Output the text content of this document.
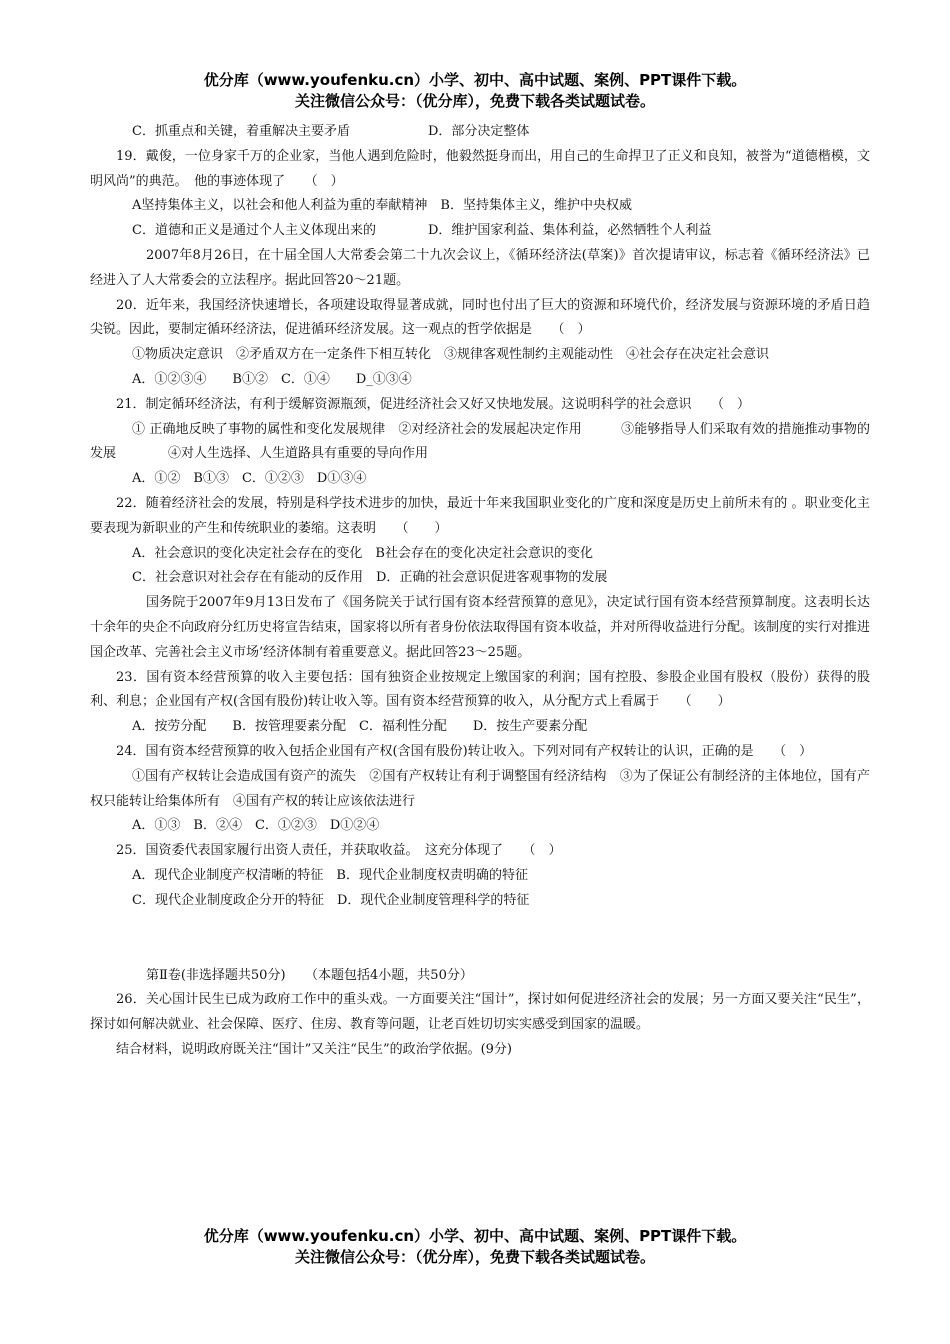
优分库（www.youfenku.cn）小学、初中、高中试题、案例、PPT课件下载。
关注微信公众号：（优分库），免费下载各类试题试卷。
C．抓重点和关键，着重解决主要矛盾　　　　　　D．部分决定整体
19．戴俊，一位身家千万的企业家，当他人遇到危险时，他毅然挺身而出，用自己的生命捍卫了正义和良知，被誉为“道德楷模，文明风尚”的典范。　他的事迹体现了　　（　）
A坚持集体主义，以社会和他人利益为重的奉献精神　B．坚持集体主义，维护中央权威
C．道德和正义是通过个人主义体现出来的　　　　D．维护国家利益、集体利益，必然牺牲个人利益
2007年8月26日，在十届全国人大常委会第二十九次会议上，《循环经济法(草案)》首次提请审议，标志着《循环经济法》已经进入了人大常委会的立法程序。据此回答20～21题。
20．近年来，我国经济快速增长，各项建设取得显著成就，同时也付出了巨大的资源和环境代价，经济发展与资源环境的矛盾日趋尖锐。因此，要制定循环经济法，促进循环经济发展。这一观点的哲学依据是　　（　）
①物质决定意识　②矛盾双方在一定条件下相互转化　③规律客观性制约主观能动性　④社会存在决定社会意识
A．①②③④　　B①②　C．①④　　D_①③④
21．制定循环经济法，有利于缓解资源瓶颈，促进经济社会又好又快地发展。这说明科学的社会意识　　（　）
① 正确地反映了事物的属性和变化发展规律　②对经济社会的发展起决定作用　　　③能够指导人们采取有效的措施推动事物的发展　　　　④对人生选择、人生道路具有重要的导向作用
A．①②　B①③　C．①②③　D①③④
22．随着经济社会的发展，特别是科学技术进步的加快，最近十年来我国职业变化的广度和深度是历史上前所未有的 。职业变化主要表现为新职业的产生和传统职业的萎缩。这表明　　（　　）
A．社会意识的变化决定社会存在的变化　B社会存在的变化决定社会意识的变化
C．社会意识对社会存在有能动的反作用　D．正确的社会意识促进客观事物的发展
国务院于2007年9月13日发布了《国务院关于试行国有资本经营预算的意见》，决定试行国有资本经营预算制度。这表明长达十余年的央企不向政府分红历史将宣告结束，国家将以所有者身份依法取得国有资本收益，并对所得收益进行分配。该制度的实行对推进国企改革、完善社会主义市场’经济体制有着重要意义。据此回答23～25题。
23．国有资本经营预算的收入主要包括：国有独资企业按规定上缴国家的利润；国有控股、参股企业国有股权（股份）获得的股利、利息；企业国有产权(含国有股份)转让收入等。国有资本经营预算的收入，从分配方式上看属于　　（　　）
A．按劳分配　　B．按管理要素分配　C．福利性分配　　D．按生产要素分配
24．国有资本经营预算的收入包括企业国有产权(含国有股份)转让收入。下列对同有产权转让的认识，正确的是　　（　）
①国有产权转让会造成国有资产的流失　②国有产权转让有利于调整国有经济结构　③为了保证公有制经济的主体地位，国有产权只能转让给集体所有　④国有产权的转让应该依法进行
A．①③　B．②④　C．①②③　D①②④
25．国资委代表国家履行出资人责任，并获取收益。　这充分体现了　　（　）
A．现代企业制度产权清晰的特征　B．现代企业制度权责明确的特征
C．现代企业制度政企分开的特征　D．现代企业制度管理科学的特征
第Ⅱ卷(非选择题共50分)　　（本题包括4小题，共50分）
26．关心国计民生已成为政府工作中的重头戏。一方面要关注“国计”，探讨如何促进经济社会的发展；另一方面又要关注“民生”，探讨如何解决就业、社会保障、医疗、住房、教育等问题，让老百姓切切实实感受到国家的温暖。
结合材料，说明政府既关注“国计”又关注“民生”的政治学依据。(9分)
优分库（www.youfenku.cn）小学、初中、高中试题、案例、PPT课件下载。
关注微信公众号：（优分库），免费下载各类试题试卷。
